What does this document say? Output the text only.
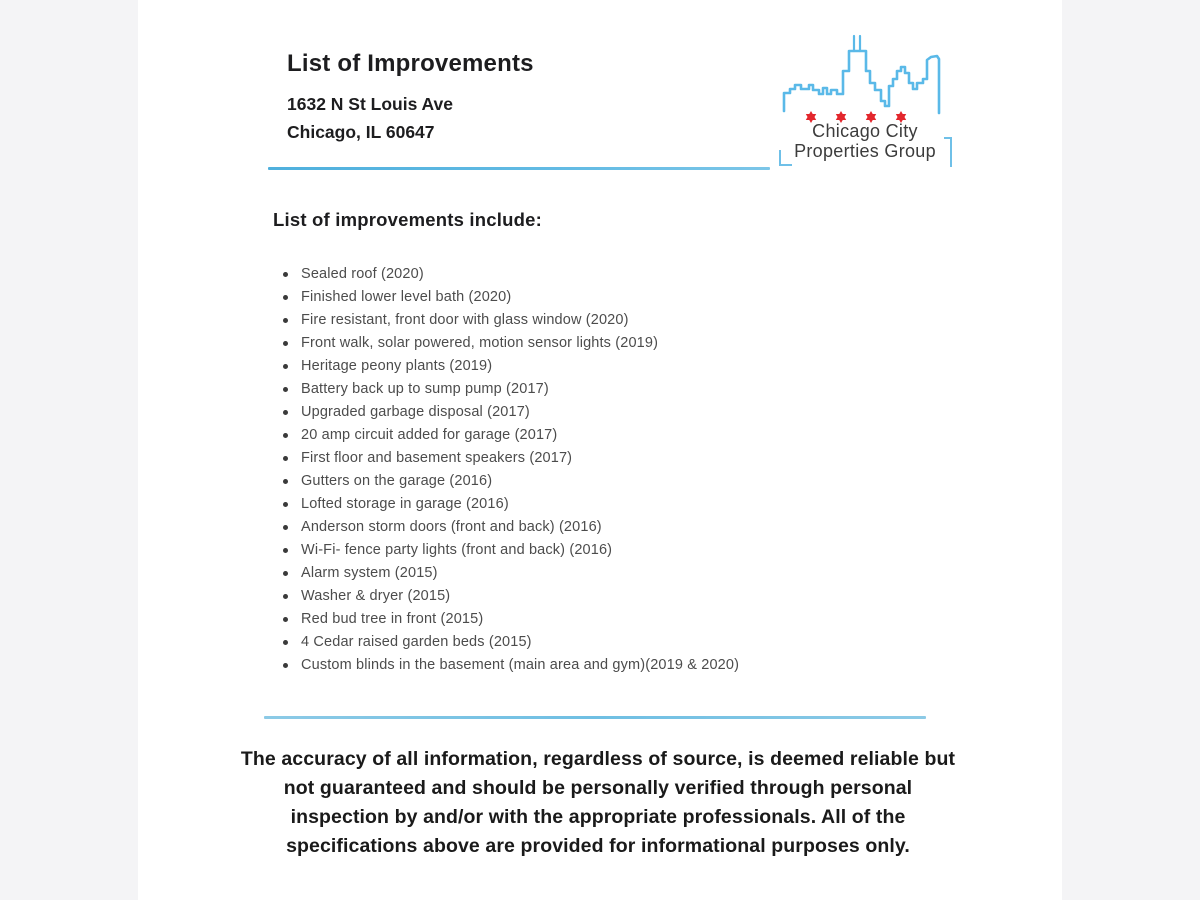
List of Improvements
1632 N St Louis Ave
Chicago, IL 60647	Chicago City
Properties Group
List of improvements include:
Sealed roof (2020)
Finished lower level bath (2020)
Fire resistant, front door with glass window (2020)
Front walk, solar powered, motion sensor lights (2019)
Heritage peony plants (2019)
Battery back up to sump pump (2017)
Upgraded garbage disposal (2017)
20 amp circuit added for garage (2017)
First floor and basement speakers (2017)
Gutters on the garage (2016)
Lofted storage in garage (2016)
Anderson storm doors (front and back) (2016)
Wi-Fi- fence party lights (front and back) (2016)
Alarm system (2015)
Washer & dryer (2015)
Red bud tree in front (2015)
4 Cedar raised garden beds (2015)
Custom blinds in the basement (main area and gym)(2019 & 2020)
The accuracy of all information, regardless of source, is deemed reliable but not guaranteed and should be personally verified through personal inspection by and/or with the appropriate professionals. All of the specifications above are provided for informational purposes only.
